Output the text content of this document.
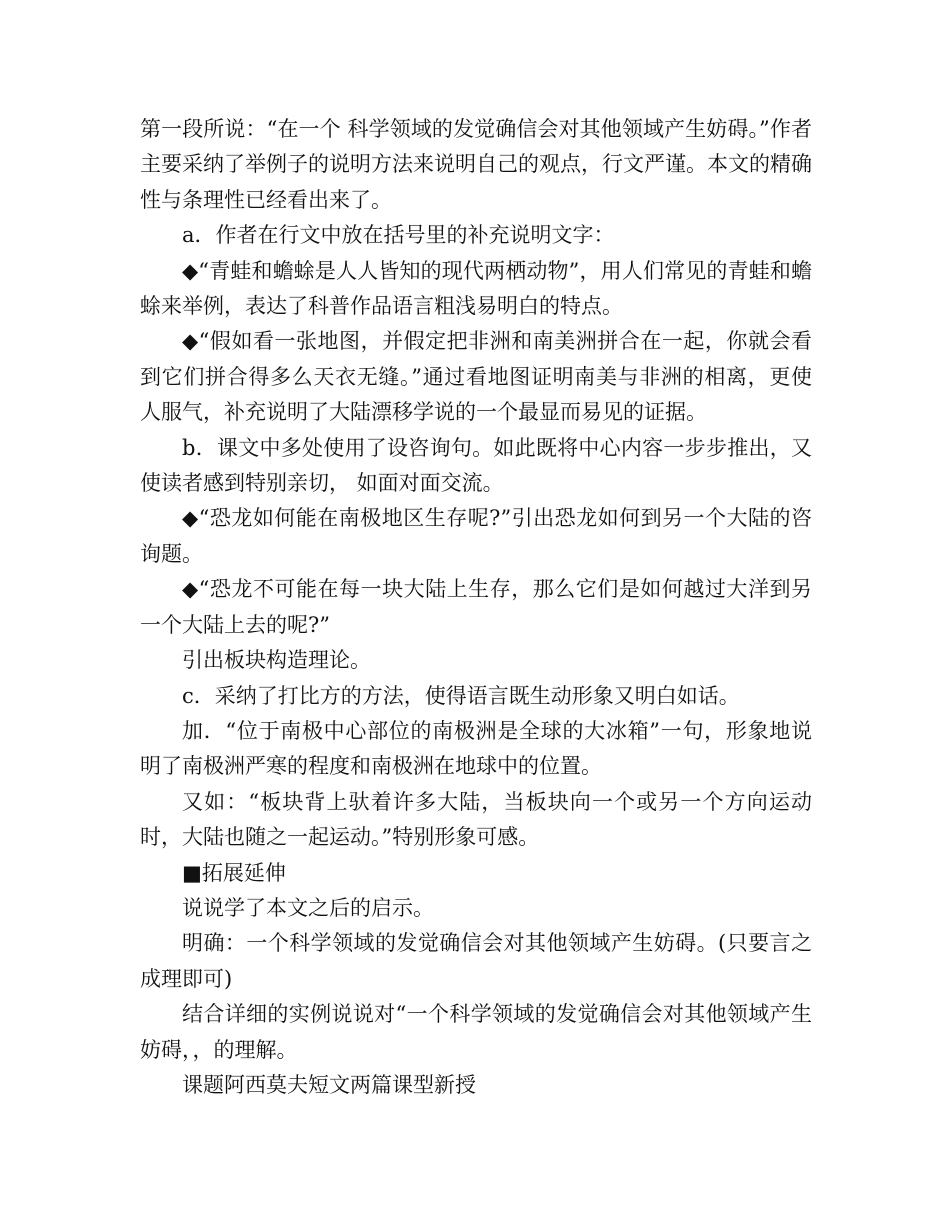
第一段所说：“在一个 科学领域的发觉确信会对其他领域产生妨碍。”作者主要采纳了举例子的说明方法来说明自己的观点，行文严谨。本文的精确性与条理性已经看出来了。

a．作者在行文中放在括号里的补充说明文字：

◆“青蛙和蟾蜍是人人皆知的现代两栖动物”，用人们常见的青蛙和蟾蜍来举例，表达了科普作品语言粗浅易明白的特点。

◆“假如看一张地图，并假定把非洲和南美洲拼合在一起，你就会看到它们拼合得多么天衣无缝。”通过看地图证明南美与非洲的相离，更使人服气，补充说明了大陆漂移学说的一个最显而易见的证据。

b．课文中多处使用了设咨询句。如此既将中心内容一步步推出，又使读者感到特别亲切， 如面对面交流。

◆“恐龙如何能在南极地区生存呢?”引出恐龙如何到另一个大陆的咨询题。

◆“恐龙不可能在每一块大陆上生存，那么它们是如何越过大洋到另一个大陆上去的呢?”

引出板块构造理论。

c．采纳了打比方的方法，使得语言既生动形象又明白如话。

加．“位于南极中心部位的南极洲是全球的大冰箱”一句，形象地说明了南极洲严寒的程度和南极洲在地球中的位置。

又如：“板块背上驮着许多大陆，当板块向一个或另一个方向运动时，大陆也随之一起运动。”特别形象可感。

■拓展延伸

说说学了本文之后的启示。

明确：一个科学领域的发觉确信会对其他领域产生妨碍。(只要言之成理即可)

结合详细的实例说说对“一个科学领域的发觉确信会对其他领域产生妨碍，，的理解。

课题阿西莫夫短文两篇课型新授
